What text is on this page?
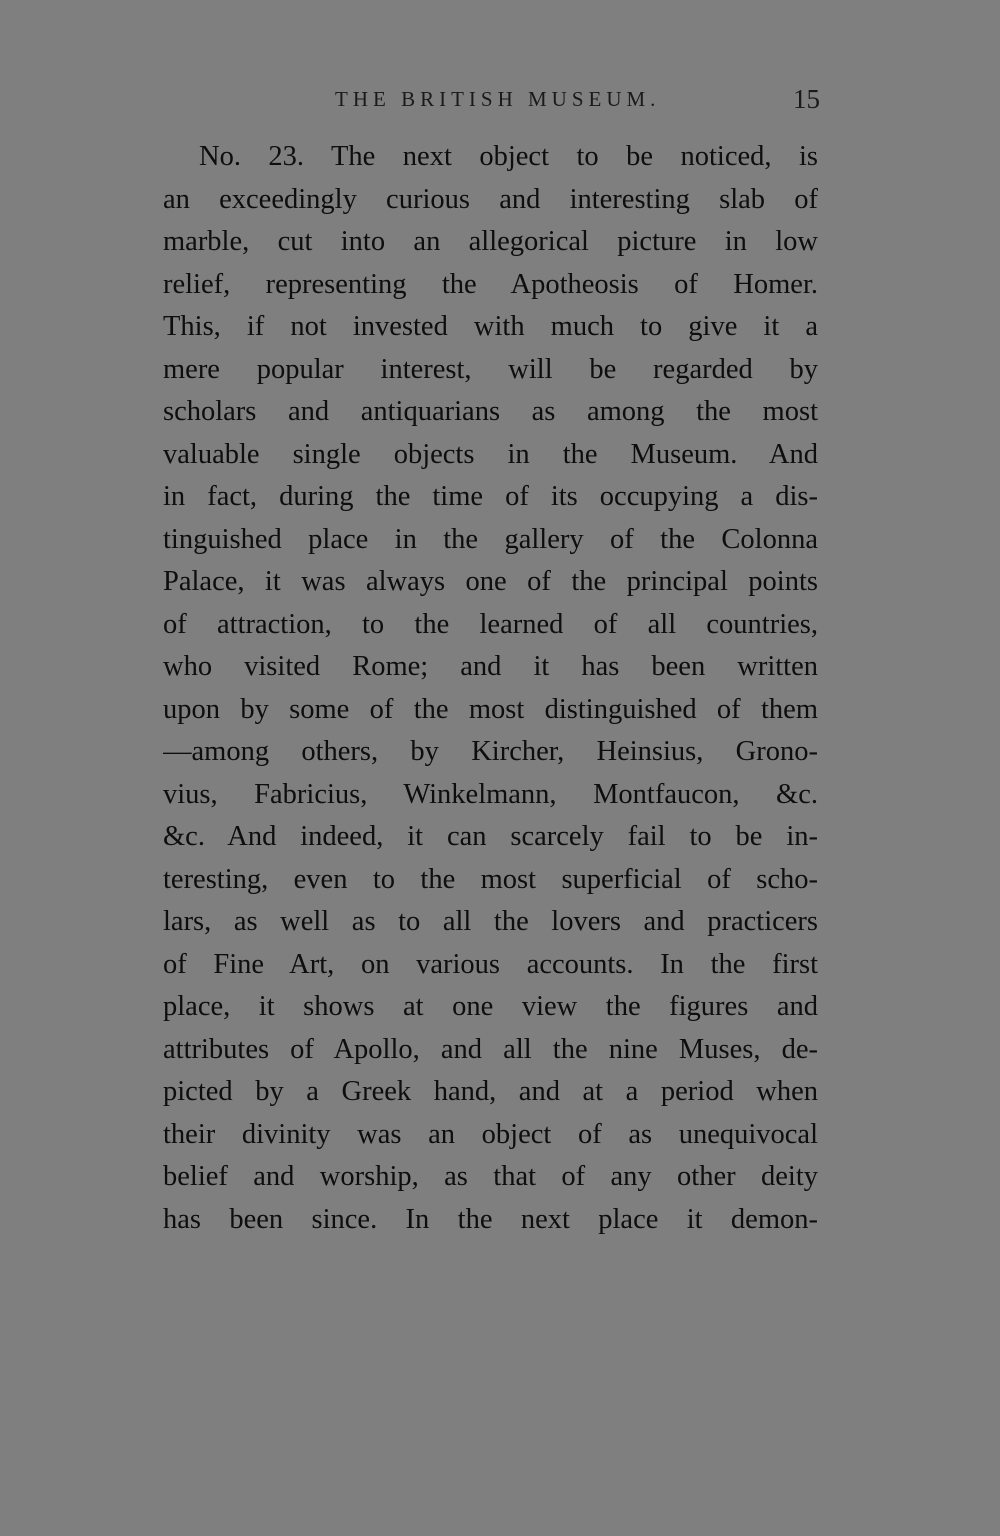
THE BRITISH MUSEUM.	15
No. 23. The next object to be noticed, is
an exceedingly curious and interesting slab of
marble, cut into an allegorical picture in low
relief, representing the Apotheosis of Homer.
This, if not invested with much to give it a
mere popular interest, will be regarded by
scholars and antiquarians as among the most
valuable single objects in the Museum. And
in fact, during the time of its occupying a dis-
tinguished place in the gallery of the Colonna
Palace, it was always one of the principal points
of attraction, to the learned of all countries,
who visited Rome; and it has been written
upon by some of the most distinguished of them
—among others, by Kircher, Heinsius, Grono-
vius, Fabricius, Winkelmann, Montfaucon, &c.
&c. And indeed, it can scarcely fail to be in-
teresting, even to the most superficial of scho-
lars, as well as to all the lovers and practicers
of Fine Art, on various accounts. In the first
place, it shows at one view the figures and
attributes of Apollo, and all the nine Muses, de-
picted by a Greek hand, and at a period when
their divinity was an object of as unequivocal
belief and worship, as that of any other deity
has been since. In the next place it demon-
